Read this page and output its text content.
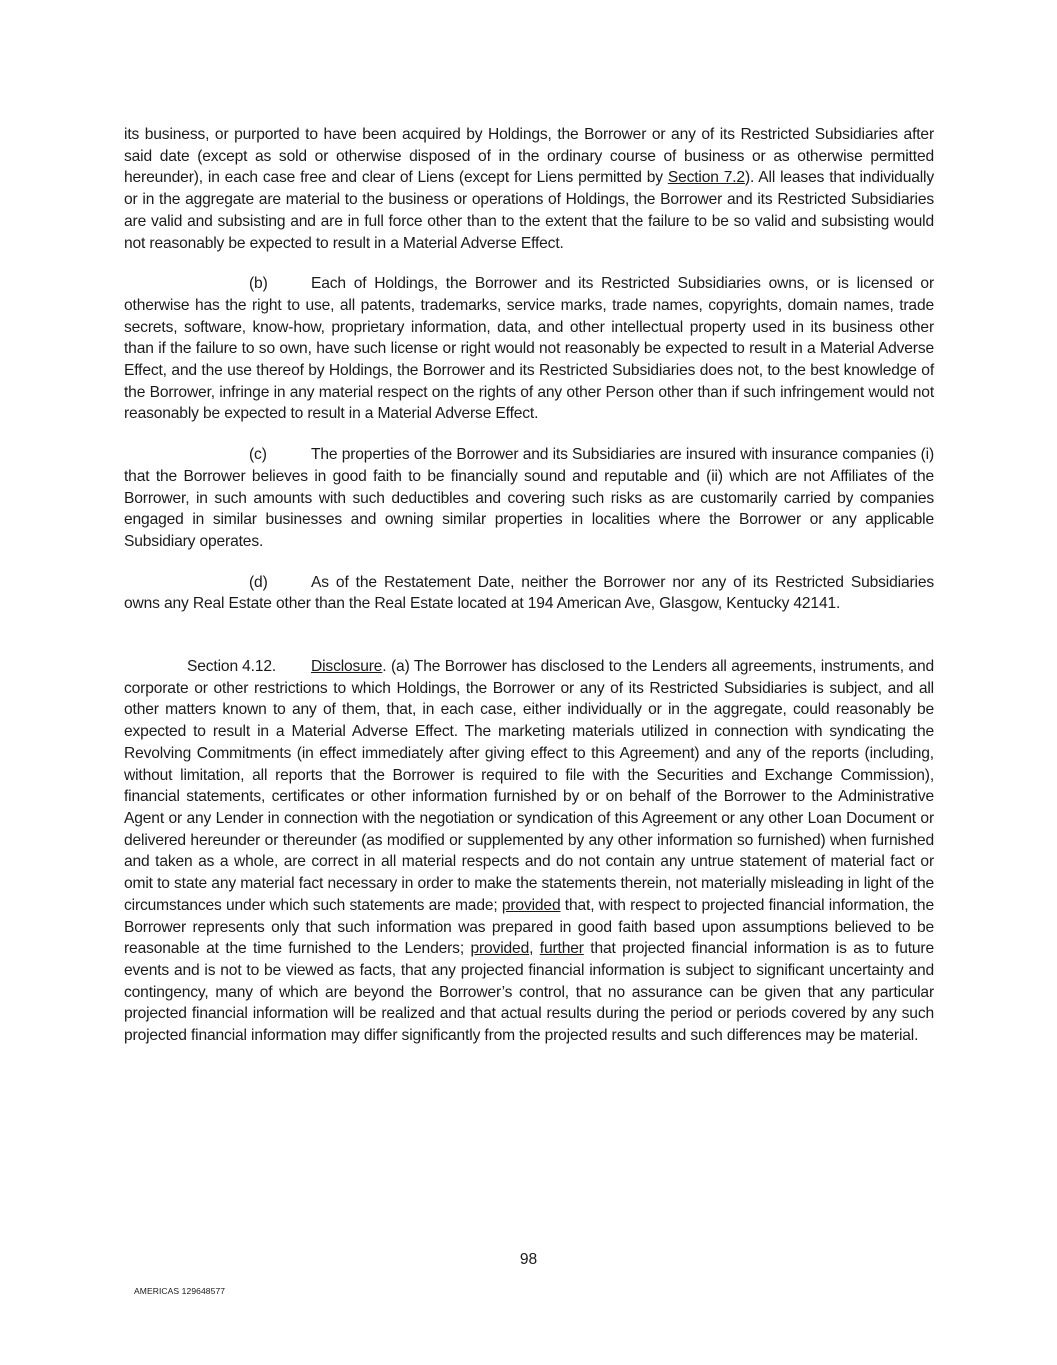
its business, or purported to have been acquired by Holdings, the Borrower or any of its Restricted Subsidiaries after said date (except as sold or otherwise disposed of in the ordinary course of business or as otherwise permitted hereunder), in each case free and clear of Liens (except for Liens permitted by Section 7.2). All leases that individually or in the aggregate are material to the business or operations of Holdings, the Borrower and its Restricted Subsidiaries are valid and subsisting and are in full force other than to the extent that the failure to be so valid and subsisting would not reasonably be expected to result in a Material Adverse Effect.

(b)	Each of Holdings, the Borrower and its Restricted Subsidiaries owns, or is licensed or otherwise has the right to use, all patents, trademarks, service marks, trade names, copyrights, domain names, trade secrets, software, know-how, proprietary information, data, and other intellectual property used in its business other than if the failure to so own, have such license or right would not reasonably be expected to result in a Material Adverse Effect, and the use thereof by Holdings, the Borrower and its Restricted Subsidiaries does not, to the best knowledge of the Borrower, infringe in any material respect on the rights of any other Person other than if such infringement would not reasonably be expected to result in a Material Adverse Effect.

(c)	The properties of the Borrower and its Subsidiaries are insured with insurance companies (i) that the Borrower believes in good faith to be financially sound and reputable and (ii) which are not Affiliates of the Borrower, in such amounts with such deductibles and covering such risks as are customarily carried by companies engaged in similar businesses and owning similar properties in localities where the Borrower or any applicable Subsidiary operates.

(d)	As of the Restatement Date, neither the Borrower nor any of its Restricted Subsidiaries owns any Real Estate other than the Real Estate located at 194 American Ave, Glasgow, Kentucky 42141.

Section 4.12. Disclosure. (a) The Borrower has disclosed to the Lenders all agreements, instruments, and corporate or other restrictions to which Holdings, the Borrower or any of its Restricted Subsidiaries is subject, and all other matters known to any of them, that, in each case, either individually or in the aggregate, could reasonably be expected to result in a Material Adverse Effect. The marketing materials utilized in connection with syndicating the Revolving Commitments (in effect immediately after giving effect to this Agreement) and any of the reports (including, without limitation, all reports that the Borrower is required to file with the Securities and Exchange Commission), financial statements, certificates or other information furnished by or on behalf of the Borrower to the Administrative Agent or any Lender in connection with the negotiation or syndication of this Agreement or any other Loan Document or delivered hereunder or thereunder (as modified or supplemented by any other information so furnished) when furnished and taken as a whole, are correct in all material respects and do not contain any untrue statement of material fact or omit to state any material fact necessary in order to make the statements therein, not materially misleading in light of the circumstances under which such statements are made; provided that, with respect to projected financial information, the Borrower represents only that such information was prepared in good faith based upon assumptions believed to be reasonable at the time furnished to the Lenders; provided, further that projected financial information is as to future events and is not to be viewed as facts, that any projected financial information is subject to significant uncertainty and contingency, many of which are beyond the Borrower’s control, that no assurance can be given that any particular projected financial information will be realized and that actual results during the period or periods covered by any such projected financial information may differ significantly from the projected results and such differences may be material.

98
AMERICAS 129648577
